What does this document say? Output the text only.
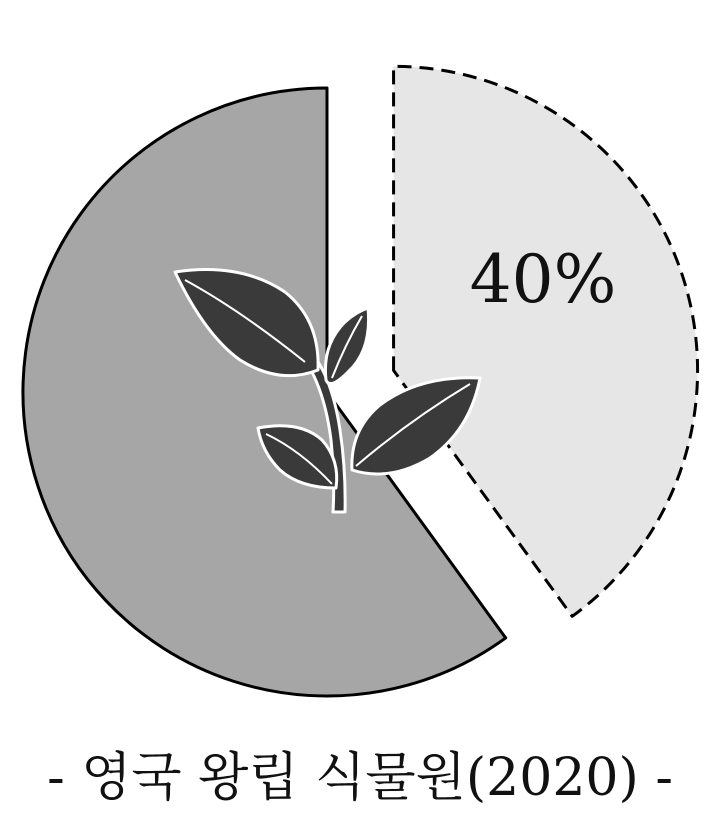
40%
- 영국 왕립 식물원(2020) -
